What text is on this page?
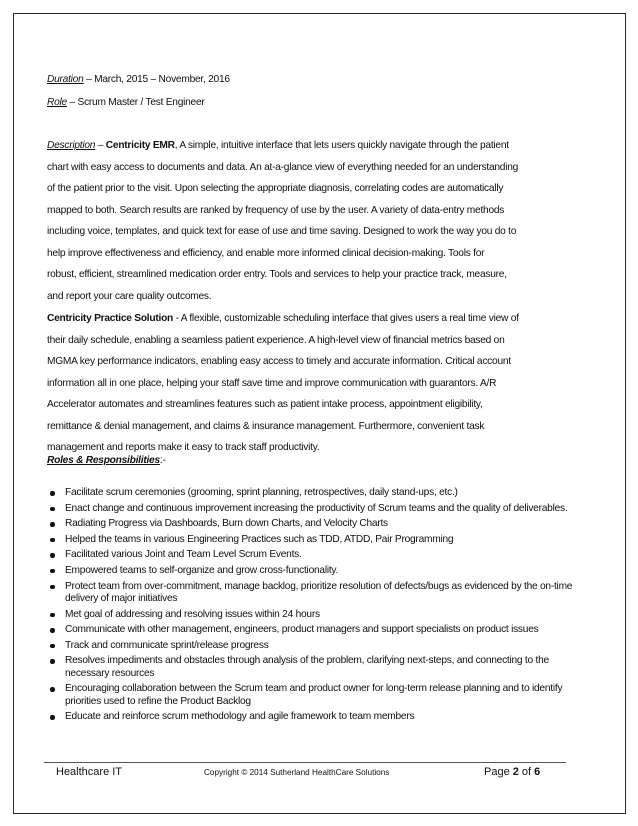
Duration – March, 2015 – November, 2016
Role – Scrum Master / Test Engineer
Description – Centricity EMR, A simple, intuitive interface that lets users quickly navigate through the patient
chart with easy access to documents and data. An at-a-glance view of everything needed for an understanding
of the patient prior to the visit. Upon selecting the appropriate diagnosis, correlating codes are automatically
mapped to both. Search results are ranked by frequency of use by the user. A variety of data-entry methods
including voice, templates, and quick text for ease of use and time saving. Designed to work the way you do to
help improve effectiveness and efficiency, and enable more informed clinical decision-making. Tools for
robust, efficient, streamlined medication order entry. Tools and services to help your practice track, measure,
and report your care quality outcomes.
Centricity Practice Solution - A flexible, customizable scheduling interface that gives users a real time view of
their daily schedule, enabling a seamless patient experience. A high-level view of financial metrics based on
MGMA key performance indicators, enabling easy access to timely and accurate information. Critical account
information all in one place, helping your staff save time and improve communication with guarantors. A/R
Accelerator automates and streamlines features such as patient intake process, appointment eligibility,
remittance & denial management, and claims & insurance management. Furthermore, convenient task
management and reports make it easy to track staff productivity.
Roles & Responsibilities:-
Facilitate scrum ceremonies (grooming, sprint planning, retrospectives, daily stand-ups, etc.)
Enact change and continuous improvement increasing the productivity of Scrum teams and the quality of deliverables.
Radiating Progress via Dashboards, Burn down Charts, and Velocity Charts
Helped the teams in various Engineering Practices such as TDD, ATDD, Pair Programming
Facilitated various Joint and Team Level Scrum Events.
Empowered teams to self-organize and grow cross-functionality.
Protect team from over-commitment, manage backlog, prioritize resolution of defects/bugs as evidenced by the on-time delivery of major initiatives
Met goal of addressing and resolving issues within 24 hours
Communicate with other management, engineers, product managers and support specialists on product issues
Track and communicate sprint/release progress
Resolves impediments and obstacles through analysis of the problem, clarifying next-steps, and connecting to the necessary resources
Encouraging collaboration between the Scrum team and product owner for long-term release planning and to identify priorities used to refine the Product Backlog
Educate and reinforce scrum methodology and agile framework to team members
Healthcare IT	Copyright © 2014 Sutherland HealthCare Solutions	Page 2 of 6
